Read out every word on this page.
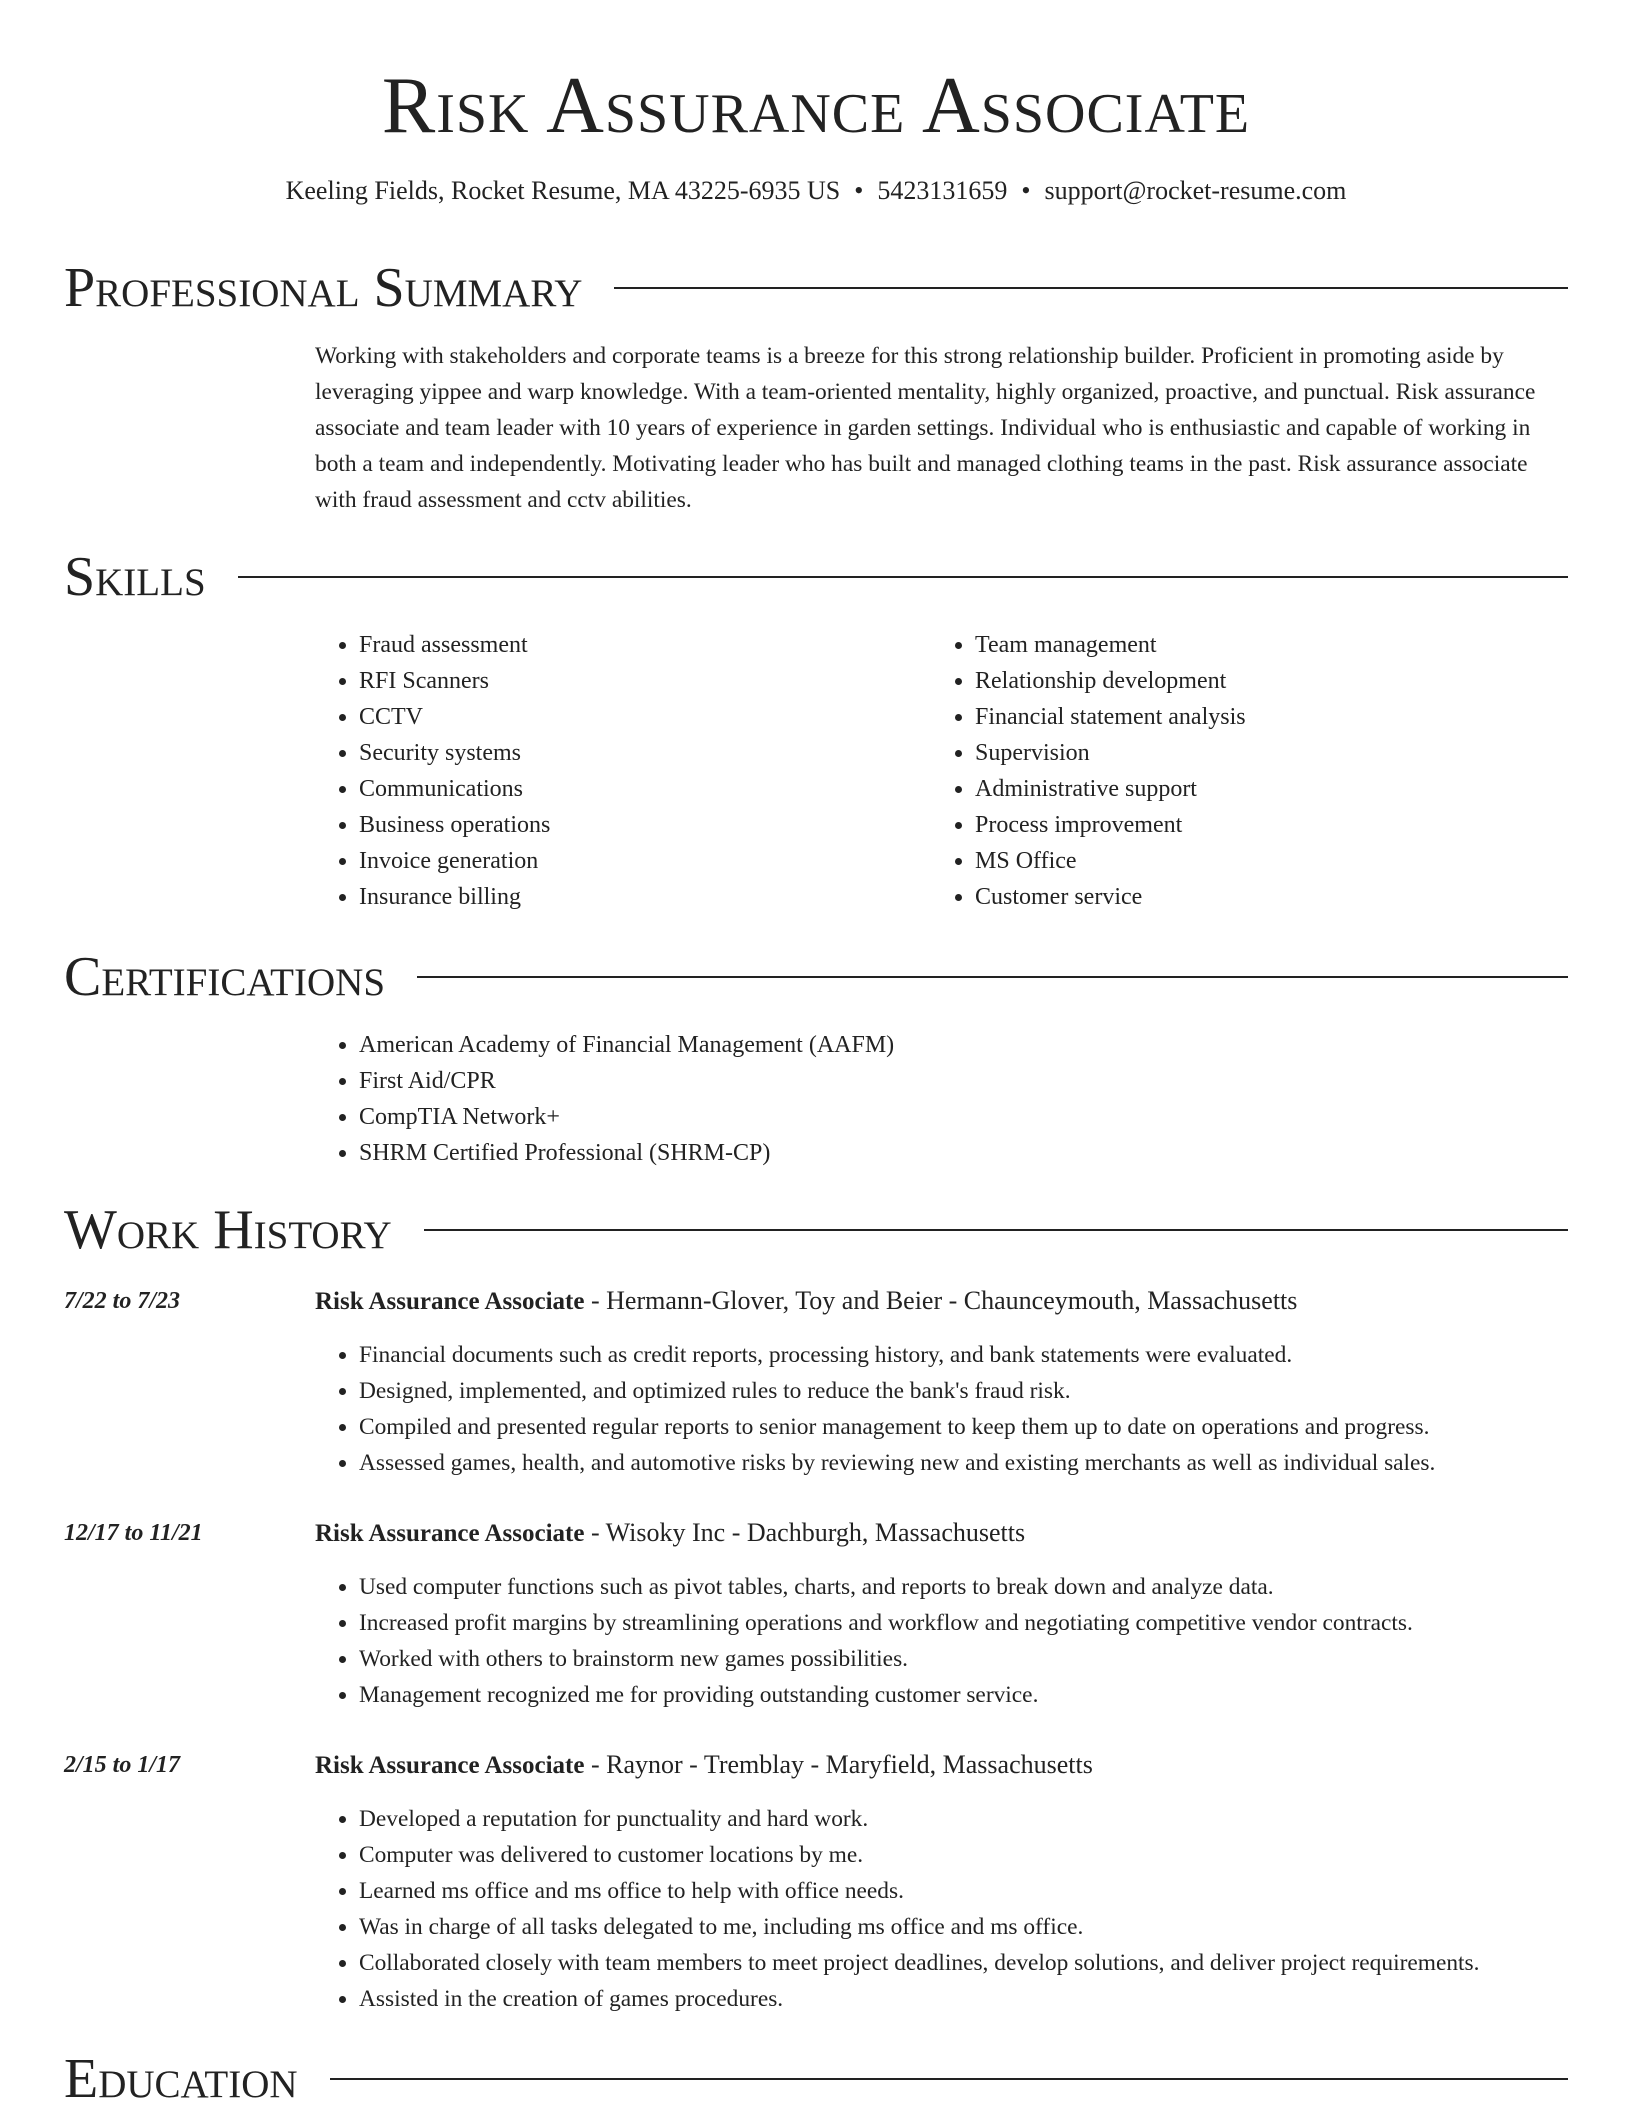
Risk Assurance Associate
Keeling Fields, Rocket Resume, MA 43225-6935 US • 5423131659 • support@rocket-resume.com
Professional Summary

Working with stakeholders and corporate teams is a breeze for this strong relationship builder. Proficient in promoting aside by leveraging yippee and warp knowledge. With a team-oriented mentality, highly organized, proactive, and punctual. Risk assurance associate and team leader with 10 years of experience in garden settings. Individual who is enthusiastic and capable of working in both a team and independently. Motivating leader who has built and managed clothing teams in the past. Risk assurance associate with fraud assessment and cctv abilities.

Skills
• Fraud assessment
• RFI Scanners
• CCTV
• Security systems
• Communications
• Business operations
• Invoice generation
• Insurance billing
• Team management
• Relationship development
• Financial statement analysis
• Supervision
• Administrative support
• Process improvement
• MS Office
• Customer service
Certifications
• American Academy of Financial Management (AAFM)
• First Aid/CPR
• CompTIA Network+
• SHRM Certified Professional (SHRM-CP)
Work History
7/22 to 7/23	Risk Assurance Associate - Hermann-Glover, Toy and Beier - Chaunceymouth, Massachusetts
• Financial documents such as credit reports, processing history, and bank statements were evaluated.
• Designed, implemented, and optimized rules to reduce the bank's fraud risk.
• Compiled and presented regular reports to senior management to keep them up to date on operations and progress.
• Assessed games, health, and automotive risks by reviewing new and existing merchants as well as individual sales.
12/17 to 11/21	Risk Assurance Associate - Wisoky Inc - Dachburgh, Massachusetts
• Used computer functions such as pivot tables, charts, and reports to break down and analyze data.
• Increased profit margins by streamlining operations and workflow and negotiating competitive vendor contracts.
• Worked with others to brainstorm new games possibilities.
• Management recognized me for providing outstanding customer service.
2/15 to 1/17	Risk Assurance Associate - Raynor - Tremblay - Maryfield, Massachusetts
• Developed a reputation for punctuality and hard work.
• Computer was delivered to customer locations by me.
• Learned ms office and ms office to help with office needs.
• Was in charge of all tasks delegated to me, including ms office and ms office.
• Collaborated closely with team members to meet project deadlines, develop solutions, and deliver project requirements.
• Assisted in the creation of games procedures.
Education
